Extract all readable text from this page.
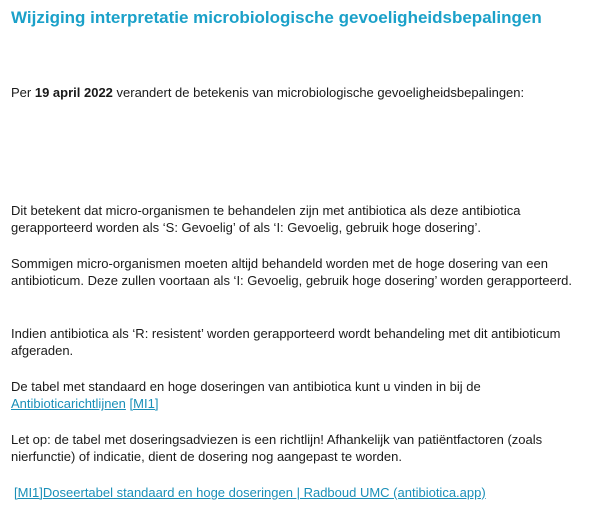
Wijziging interpretatie microbiologische gevoeligheidsbepalingen

Per 19 april 2022 verandert de betekenis van microbiologische gevoeligheidsbepalingen:

Dit betekent dat micro-organismen te behandelen zijn met antibiotica als deze antibiotica gerapporteerd worden als ‘S: Gevoelig’ of als ‘I: Gevoelig, gebruik hoge dosering’.

Sommigen micro-organismen moeten altijd behandeld worden met de hoge dosering van een antibioticum. Deze zullen voortaan als ‘I: Gevoelig, gebruik hoge dosering’ worden gerapporteerd.

Indien antibiotica als ‘R: resistent’ worden gerapporteerd wordt behandeling met dit antibioticum afgeraden.

De tabel met standaard en hoge doseringen van antibiotica kunt u vinden in bij de Antibioticarichtlijnen [MI1]

Let op: de tabel met doseringsadviezen is een richtlijn! Afhankelijk van patiëntfactoren (zoals nierfunctie) of indicatie, dient de dosering nog aangepast te worden.

[MI1]Doseertabel standaard en hoge doseringen | Radboud UMC (antibiotica.app)
